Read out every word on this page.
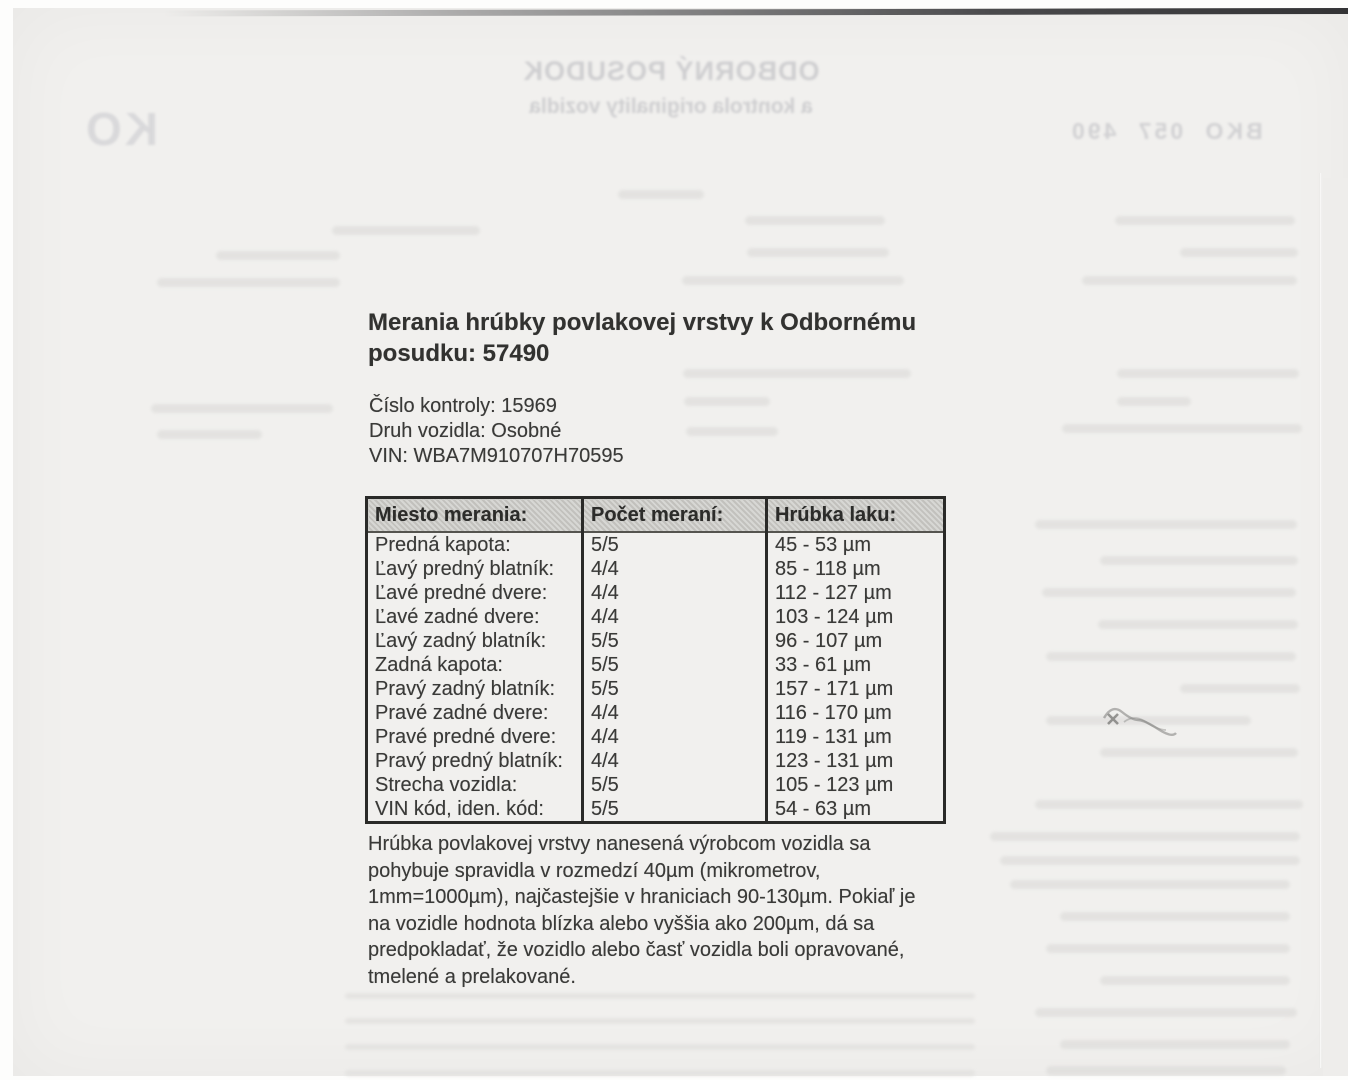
ODBORNÝ POSUDOK
a kontrola originality vozidla
KO	BKO 057 490
Merania hrúbky povlakovej vrstvy k Odbornému
posudku: 57490
Číslo kontroly: 15969
Druh vozidla: Osobné
VIN: WBA7M910707H70595
Miesto merania:	Počet meraní:	Hrúbka laku:
Predná kapota:	5/5	45 - 53 µm
Ľavý predný blatník:	4/4	85 - 118 µm
Ľavé predné dvere:	4/4	112 - 127 µm
Ľavé zadné dvere:	4/4	103 - 124 µm
Ľavý zadný blatník:	5/5	96 - 107 µm
Zadná kapota:	5/5	33 - 61 µm
Pravý zadný blatník:	5/5	157 - 171 µm
Pravé zadné dvere:	4/4	116 - 170 µm
Pravé predné dvere:	4/4	119 - 131 µm
Pravý predný blatník:	4/4	123 - 131 µm
Strecha vozidla:	5/5	105 - 123 µm
VIN kód, iden. kód:	5/5	54 - 63 µm
Hrúbka povlakovej vrstvy nanesená výrobcom vozidla sa
pohybuje spravidla v rozmedzí 40µm (mikrometrov,
1mm=1000µm), najčastejšie v hraniciach 90-130µm. Pokiaľ je
na vozidle hodnota blízka alebo vyššia ako 200µm, dá sa
predpokladať, že vozidlo alebo časť vozidla boli opravované,
tmelené a prelakované.
